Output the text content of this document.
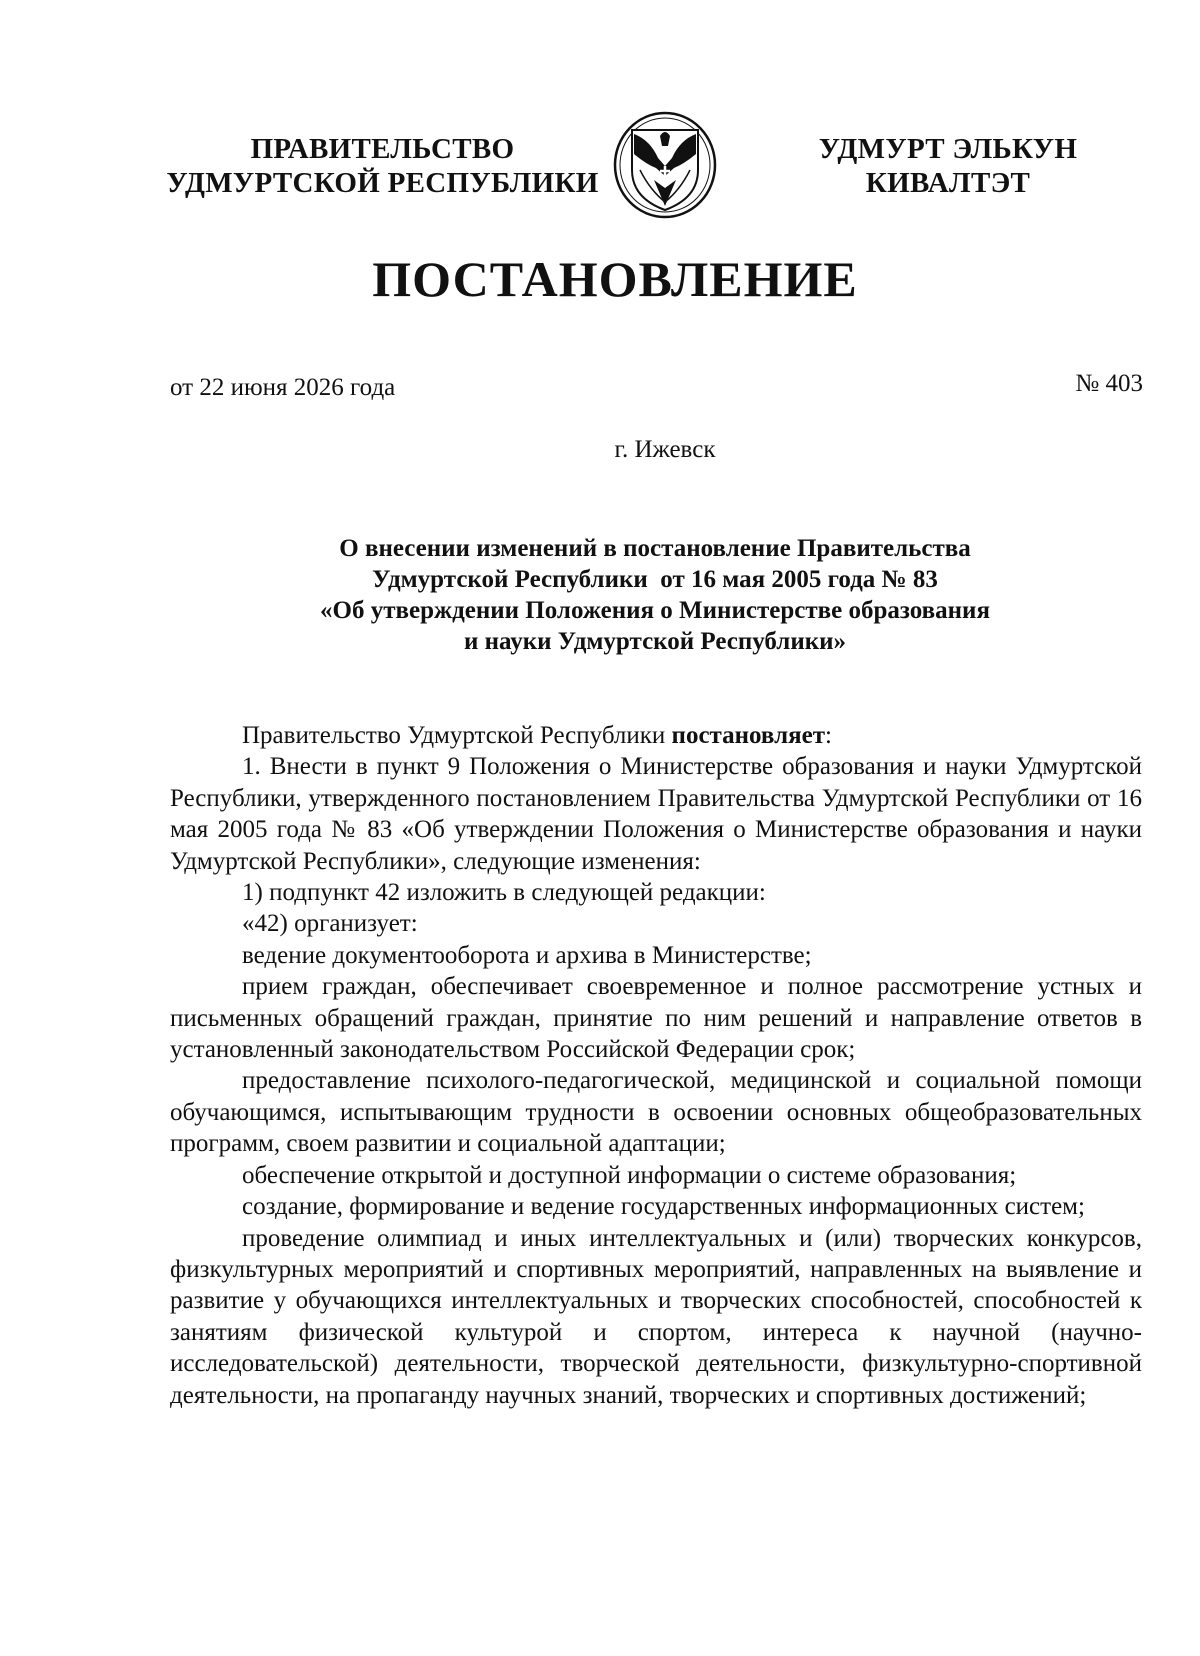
ПРАВИТЕЛЬСТВО
УДМУРТСКОЙ РЕСПУБЛИКИ
УДМУРТ ЭЛЬКУН
КИВАЛТЭТ
ПОСТАНОВЛЕНИЕ
от 22 июня 2026 года	№ 403
г. Ижевск
О внесении изменений в постановление Правительства
Удмуртской Республики  от 16 мая 2005 года № 83
«Об утверждении Положения о Министерстве образования
и науки Удмуртской Республики»

Правительство Удмуртской Республики постановляет:

1. Внести в пункт 9 Положения о Министерстве образования и науки Удмуртской Республики, утвержденного постановлением Правительства Удмуртской Республики от 16 мая 2005 года № 83 «Об утверждении Положения о Министерстве образования и науки Удмуртской Республики», следующие изменения:

1) подпункт 42 изложить в следующей редакции:

«42) организует:

ведение документооборота и архива в Министерстве;

прием граждан, обеспечивает своевременное и полное рассмотрение устных и письменных обращений граждан, принятие по ним решений и направление ответов в установленный законодательством Российской Федерации срок;

предоставление психолого-педагогической, медицинской и социальной помощи обучающимся, испытывающим трудности в освоении основных общеобразовательных программ, своем развитии и социальной адаптации;

обеспечение открытой и доступной информации о системе образования;

создание, формирование и ведение государственных информационных систем;

проведение олимпиад и иных интеллектуальных и (или) творческих конкурсов, физкультурных мероприятий и спортивных мероприятий, направленных на выявление и развитие у обучающихся интеллектуальных и творческих способностей, способностей к занятиям физической культурой и спортом, интереса к научной (научно-исследовательской) деятельности, творческой деятельности, физкультурно-спортивной деятельности, на пропаганду научных знаний, творческих и спортивных достижений;
